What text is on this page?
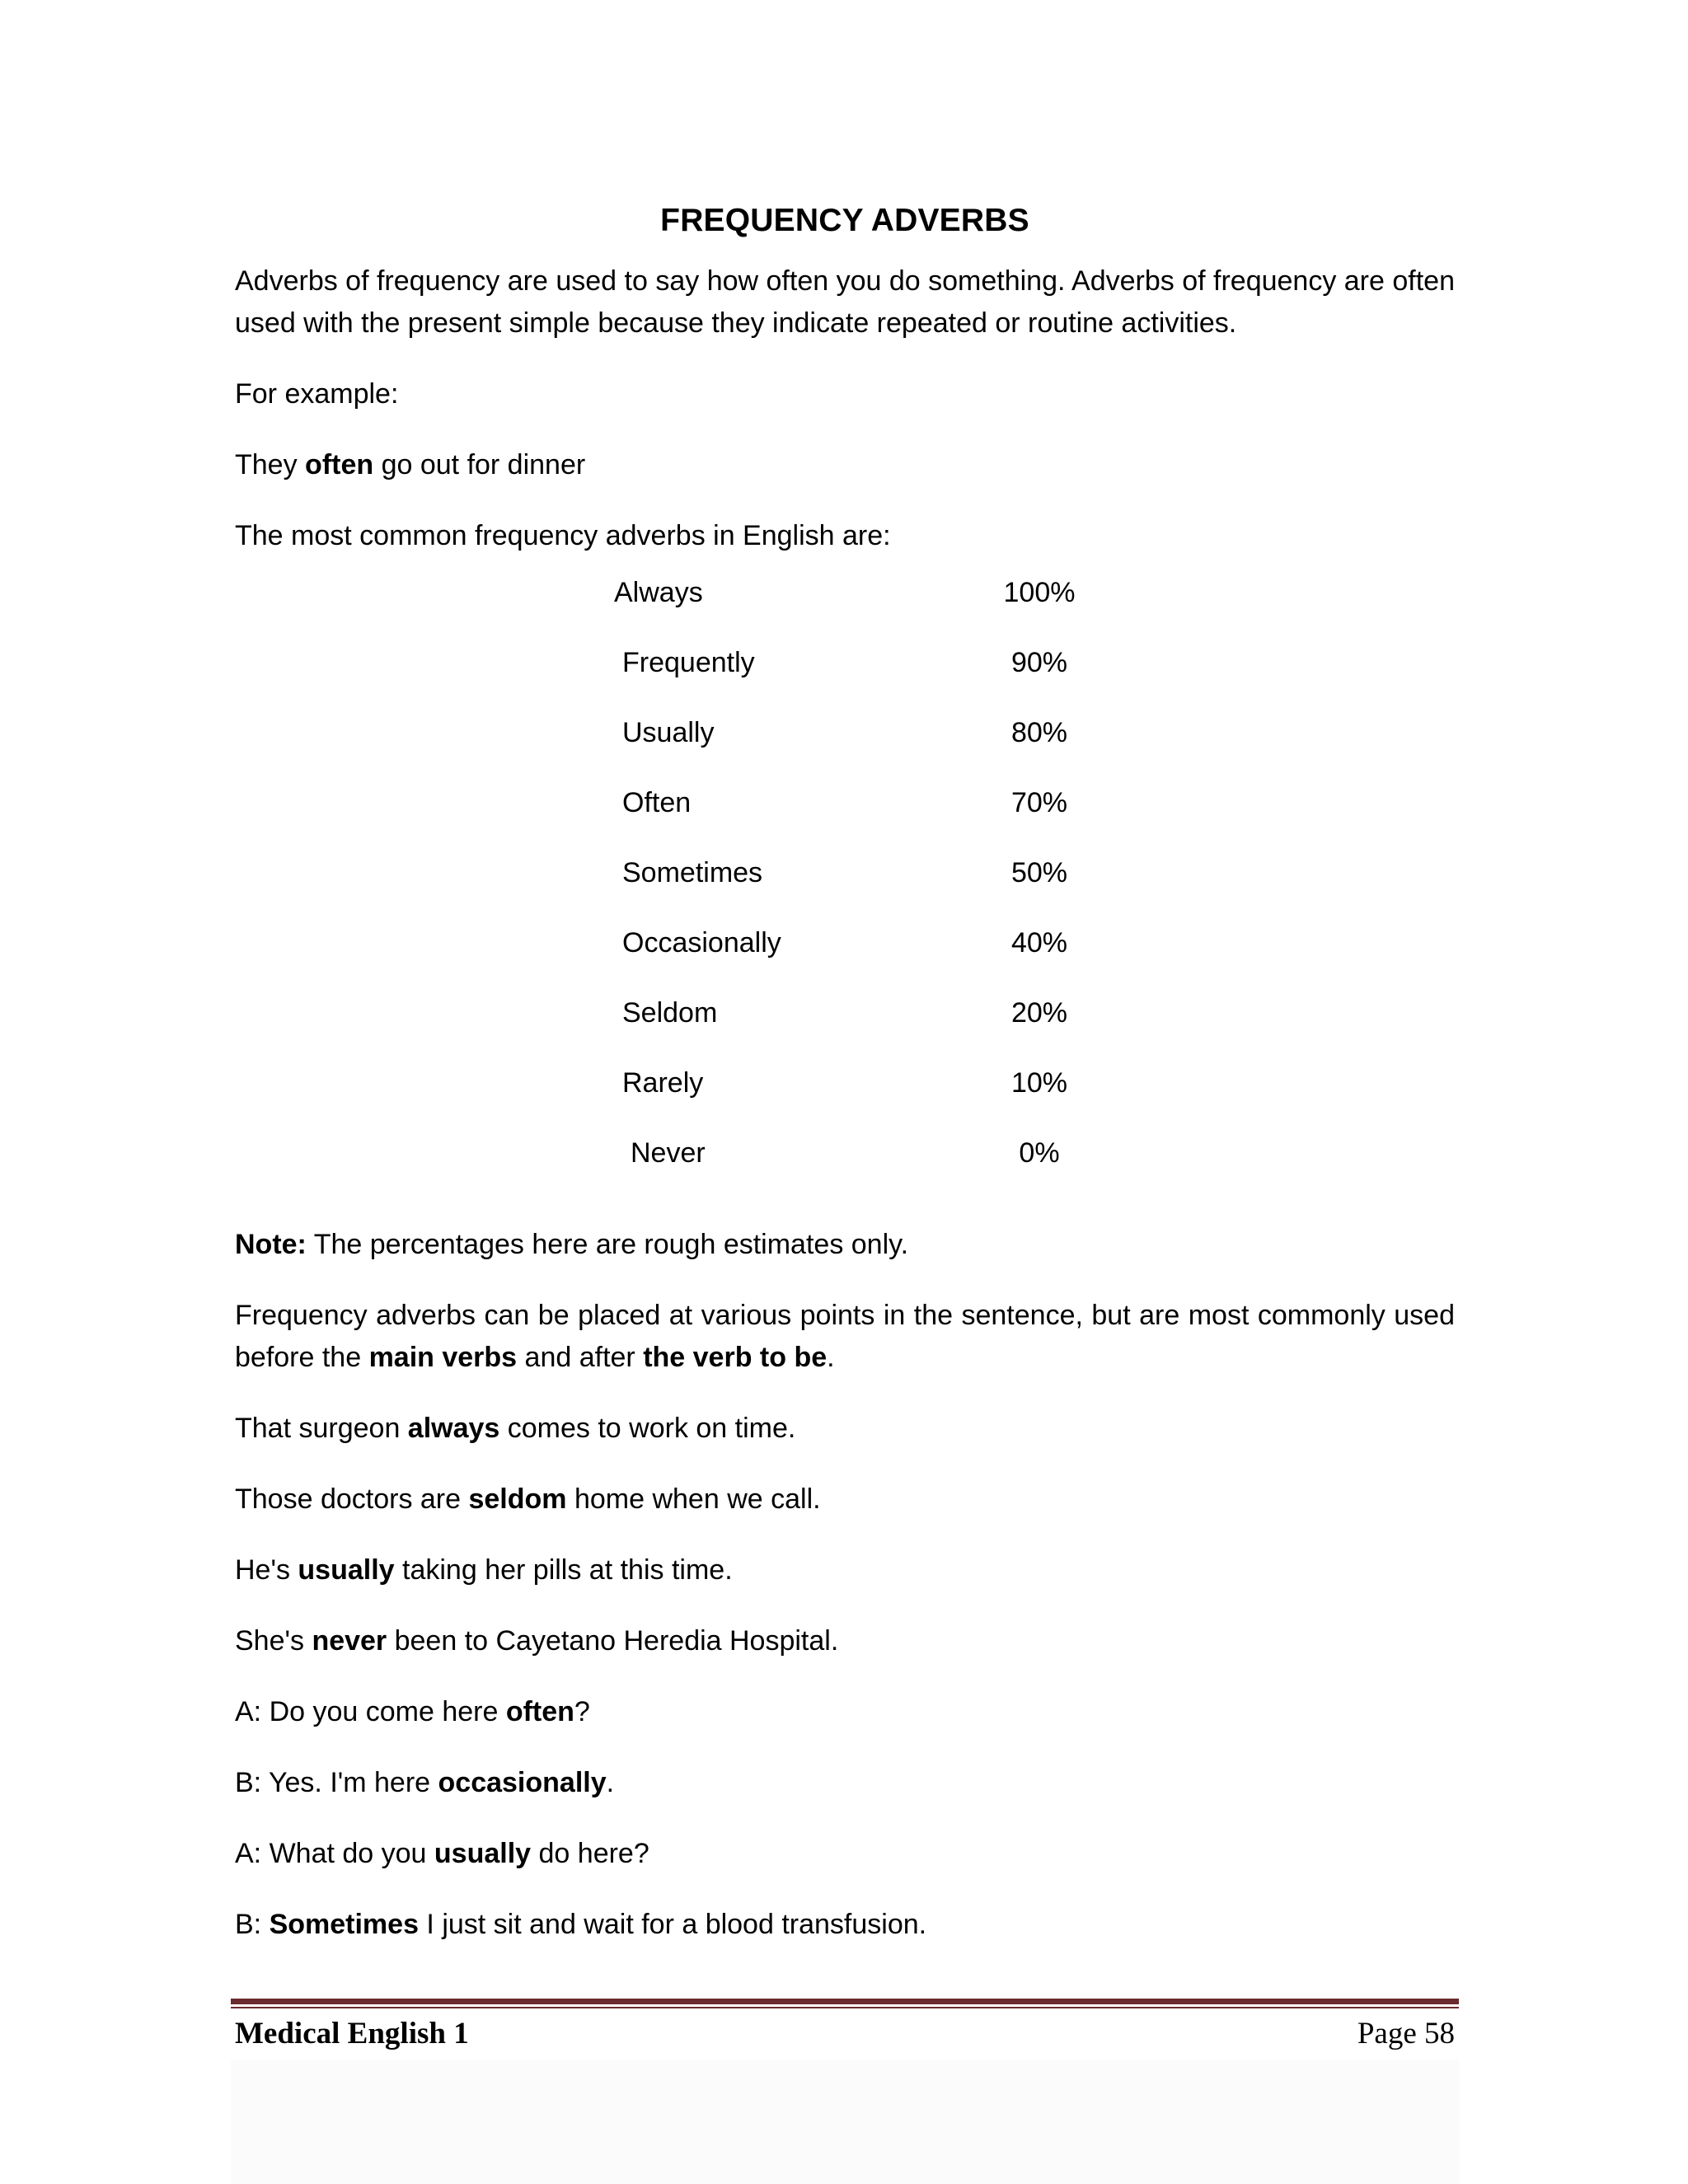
FREQUENCY ADVERBS

Adverbs of frequency are used to say how often you do something. Adverbs of frequency are often used with the present simple because they indicate repeated or routine activities.

For example:

They often go out for dinner

The most common frequency adverbs in English are:

Always	100%
Frequently	90%
Usually	80%
Often	70%
Sometimes	50%
Occasionally	40%
Seldom	20%
Rarely	10%
Never	0%

Note: The percentages here are rough estimates only.

Frequency adverbs can be placed at various points in the sentence, but are most commonly used before the main verbs and after the verb to be.

That surgeon always comes to work on time.

Those doctors are seldom home when we call.

He's usually taking her pills at this time.

She's never been to Cayetano Heredia Hospital.

A: Do you come here often?

B: Yes. I'm here occasionally.

A: What do you usually do here?

B: Sometimes I just sit and wait for a blood transfusion.

Medical English 1	Page 58
